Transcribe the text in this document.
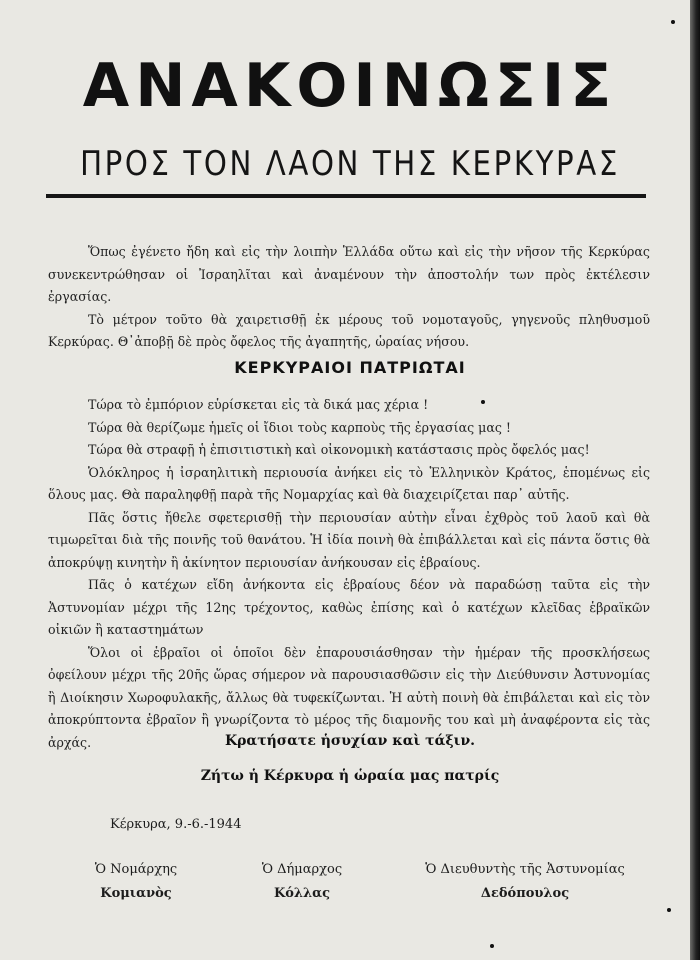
ΑΝΑΚΟΙΝΩΣΙΣ
ΠΡΟΣ ΤΟΝ ΛΑΟΝ ΤΗΣ ΚΕΡΚΥΡΑΣ

Ὅπως ἐγένετο ἤδη καὶ εἰς τὴν λοιπὴν Ἑλλάδα οὕτω καὶ εἰς τὴν νῆσον τῆς Κερκύρας συνεκεντρώθησαν οἱ Ἰσραηλῖται καὶ ἀναμένουν τὴν ἀποστολήν των πρὸς ἐκτέλεσιν ἐργασίας.

Τὸ μέτρον τοῦτο θὰ χαιρετισθῇ ἐκ μέρους τοῦ νομοταγοῦς, γηγενοῦς πληθυσμοῦ Κερκύρας. Θ᾽ἀποβῇ δὲ πρὸς ὄφελος τῆς ἀγαπητῆς, ὡραίας νήσου.

ΚΕΡΚΥΡΑΙΟΙ ΠΑΤΡΙΩΤΑΙ

Τώρα τὸ ἐμπόριον εὑρίσκεται εἰς τὰ δικά μας χέρια !

Τώρα θὰ θερίζωμε ἡμεῖς οἱ ἴδιοι τοὺς καρποὺς τῆς ἐργασίας μας !

Τώρα θὰ στραφῇ ἡ ἐπισιτιστικὴ καὶ οἰκονομικὴ κατάστασις πρὸς ὄφελός μας!

Ὁλόκληρος ἡ ἰσραηλιτικὴ περιουσία ἀνήκει εἰς τὸ Ἑλληνικὸν Κράτος, ἑπομένως εἰς ὅλους μας. Θὰ παραληφθῇ παρὰ τῆς Νομαρχίας καὶ θὰ διαχειρίζεται παρ᾽ αὐτῆς.

Πᾶς ὅστις ἤθελε σφετερισθῇ τὴν περιουσίαν αὐτὴν εἶναι ἐχθρὸς τοῦ λαοῦ καὶ θὰ τιμωρεῖται διὰ τῆς ποινῆς τοῦ θανάτου. Ἡ ἰδία ποινὴ θὰ ἐπιβάλλεται καὶ εἰς πάντα ὅστις θὰ ἀποκρύψῃ κινητὴν ἢ ἀκίνητον περιουσίαν ἀνήκουσαν εἰς ἑβραίους.

Πᾶς ὁ κατέχων εἴδη ἀνήκοντα εἰς ἑβραίους δέον νὰ παραδώσῃ ταῦτα εἰς τὴν Ἀστυνομίαν μέχρι τῆς 12ης τρέχοντος, καθὼς ἐπίσης καὶ ὁ κατέχων κλεῖδας ἑβραϊκῶν οἰκιῶν ἢ καταστημάτων

Ὅλοι οἱ ἑβραῖοι οἱ ὁποῖοι δὲν ἐπαρουσιάσθησαν τὴν ἡμέραν τῆς προσκλήσεως ὀφείλουν μέχρι τῆς 20ῆς ὥρας σήμερον νὰ παρουσιασθῶσιν εἰς τὴν Διεύθυνσιν Ἀστυνομίας ἢ Διοίκησιν Χωροφυλακῆς, ἄλλως θὰ τυφεκίζωνται. Ἡ αὐτὴ ποινὴ θὰ ἐπιβάλεται καὶ εἰς τὸν ἀποκρύπτοντα ἑβραῖον ἢ γνωρίζοντα τὸ μέρος τῆς διαμονῆς του καὶ μὴ ἀναφέροντα εἰς τὰς ἀρχάς.	Κρατήσατε ἡσυχίαν καὶ τάξιν.
Ζήτω ἡ Κέρκυρα ἡ ὡραία μας πατρίς
Κέρκυρα, 9.-6.-1944
Ὁ Νομάρχης
Κομιανὸς
Ὁ Δήμαρχος
Κόλλας
Ὁ Διευθυντὴς τῆς Ἀστυνομίας
Δεδόπουλος
